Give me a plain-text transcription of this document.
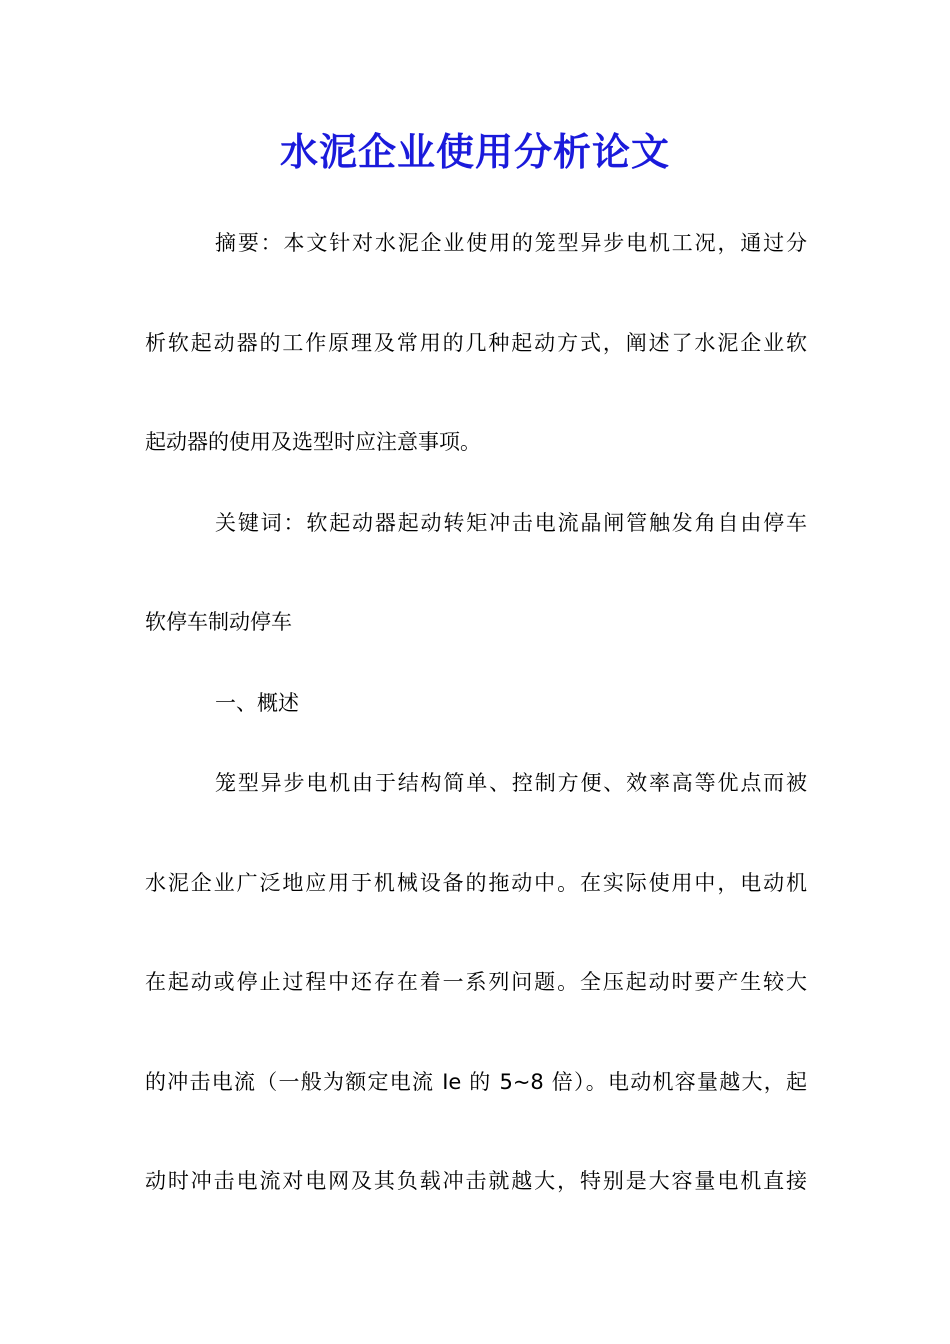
水泥企业使用分析论文
摘要：本文针对水泥企业使用的笼型异步电机工况，通过分
析软起动器的工作原理及常用的几种起动方式，阐述了水泥企业软
起动器的使用及选型时应注意事项。
关键词：软起动器起动转矩冲击电流晶闸管触发角自由停车
软停车制动停车
一、概述
笼型异步电机由于结构简单、控制方便、效率高等优点而被
水泥企业广泛地应用于机械设备的拖动中。在实际使用中，电动机
在起动或停止过程中还存在着一系列问题。全压起动时要产生较大
的冲击电流（一般为额定电流 Ie 的 5~8 倍）。电动机容量越大，起
动时冲击电流对电网及其负载冲击就越大，特别是大容量电机直接
